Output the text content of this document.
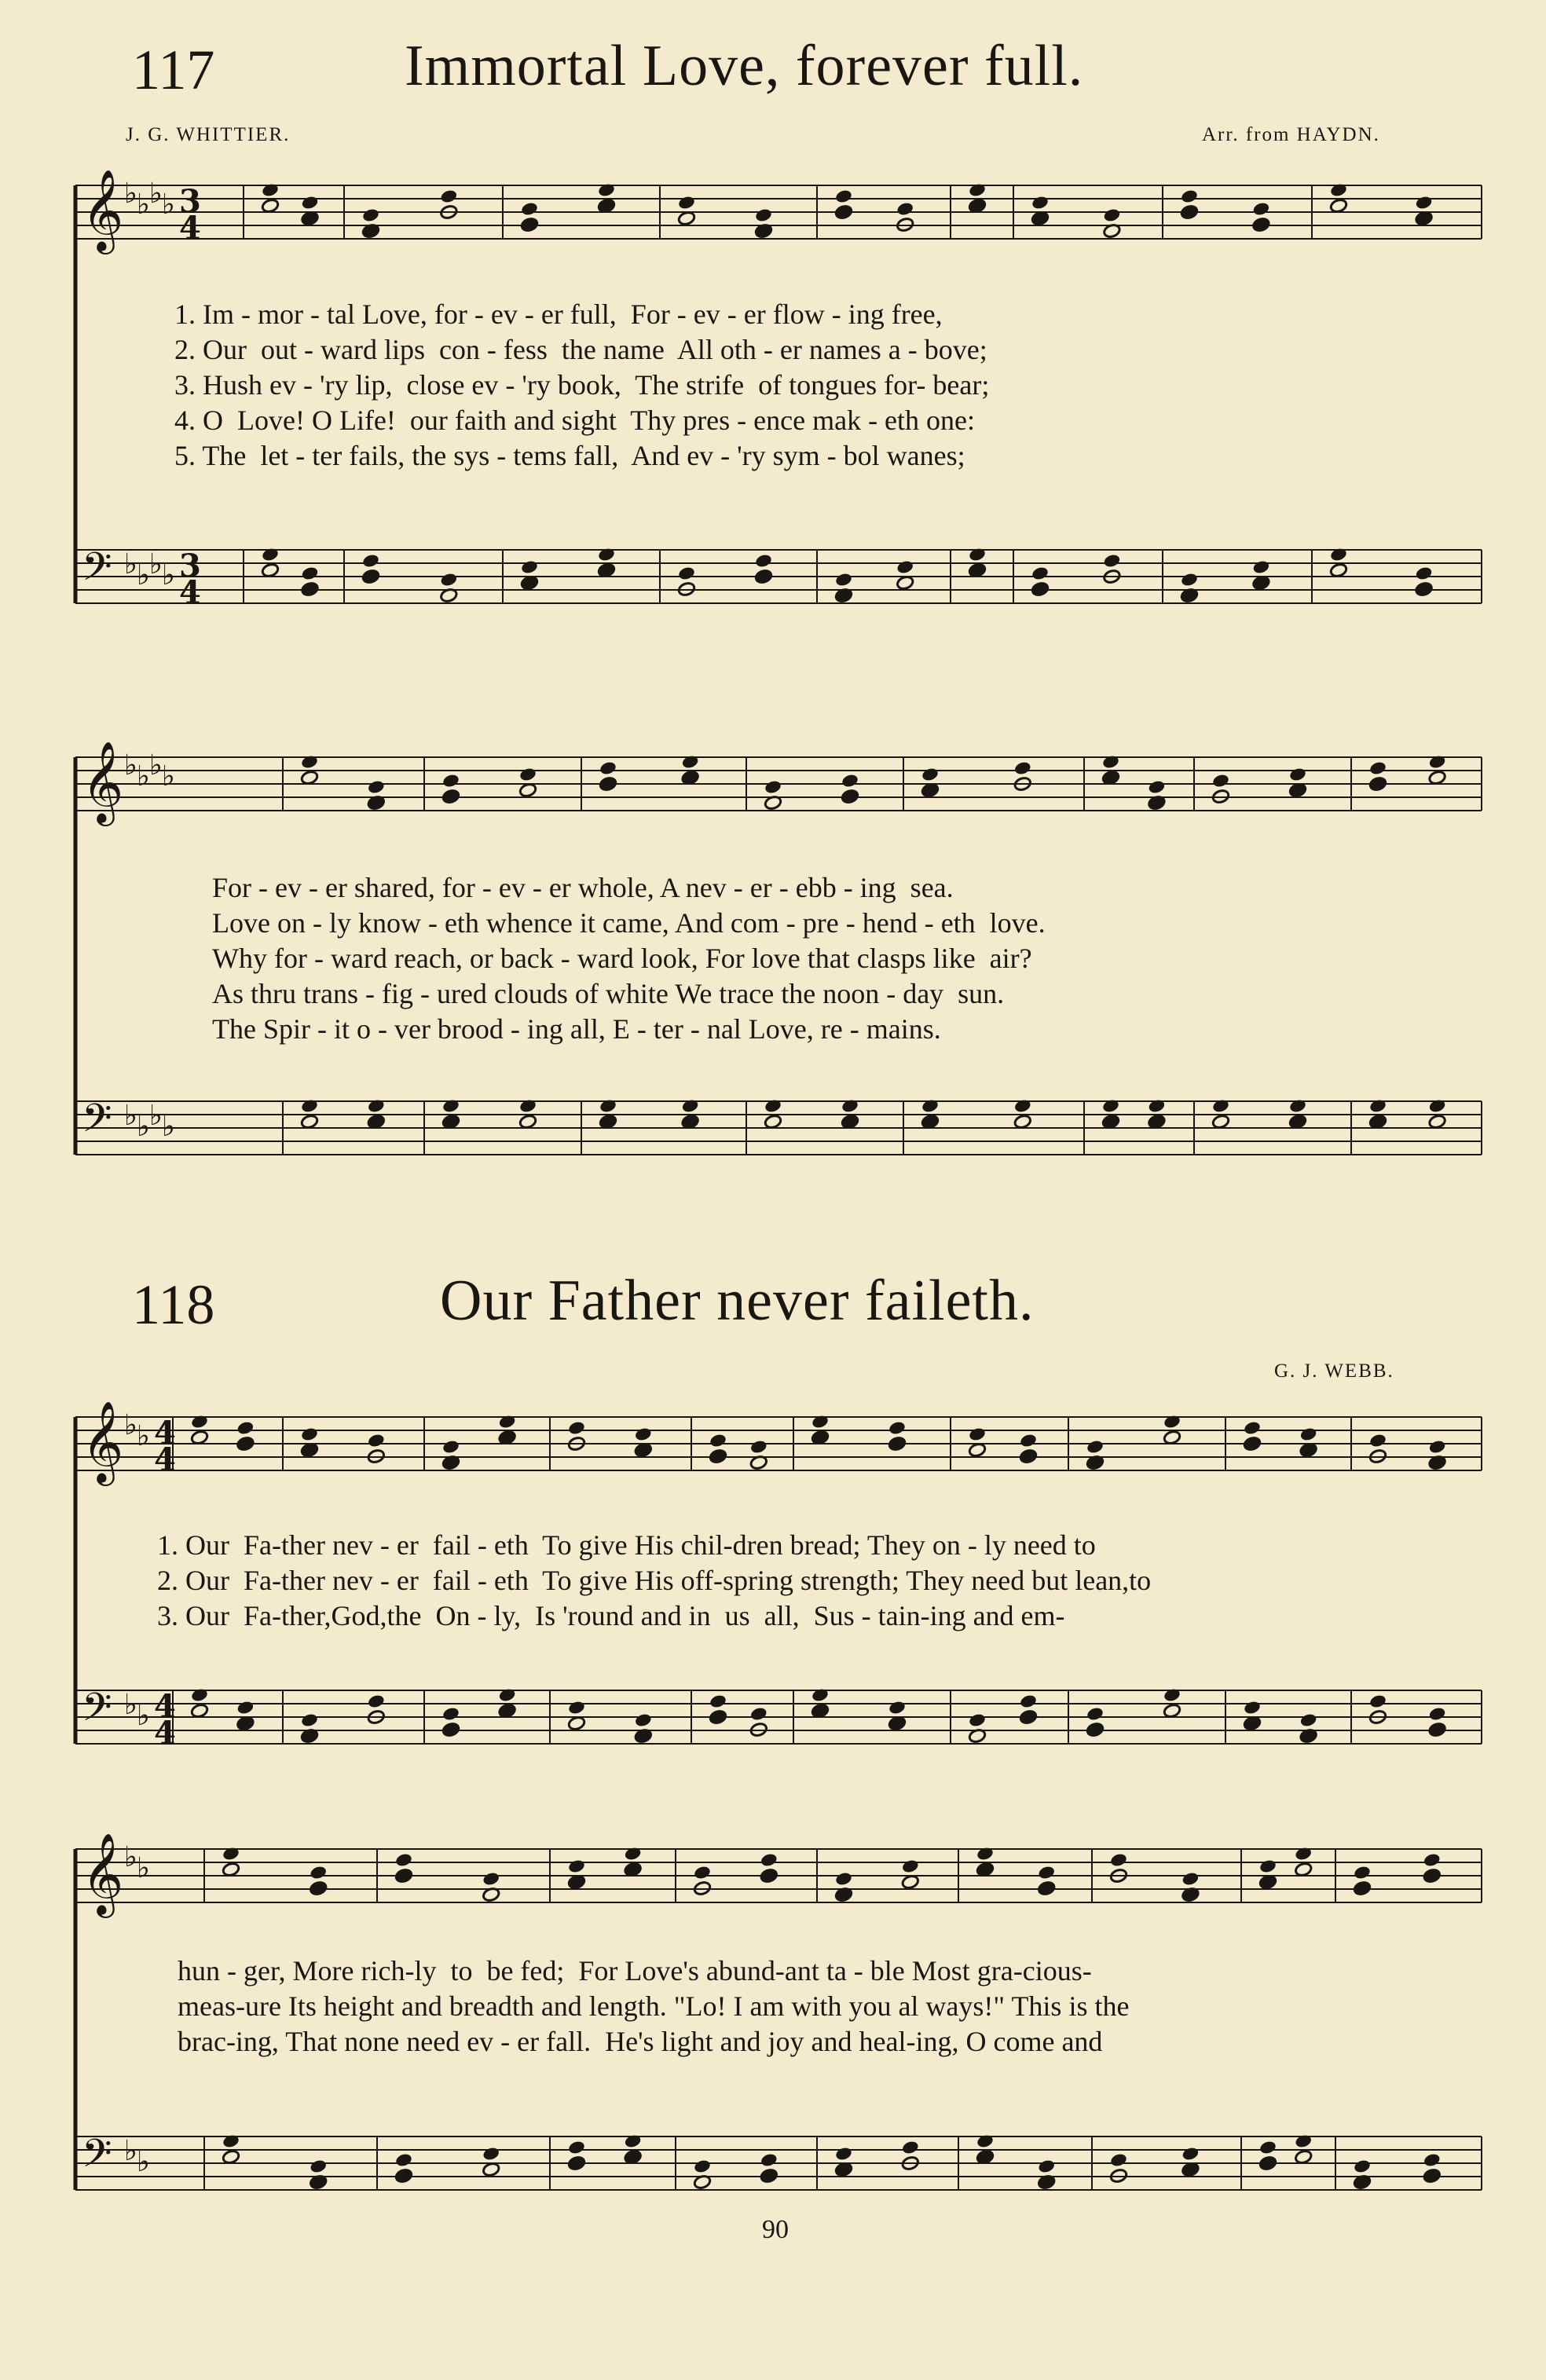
𝄞
𝄢
♭ ♭ ♭ ♭
♭ ♭ ♭ ♭
3
4
3
4
𝄞
𝄢
♭ ♭ ♭ ♭
♭ ♭ ♭ ♭
𝄞
𝄢
♭ ♭
♭ ♭
4
4
4
4
𝄞
𝄢
♭ ♭
♭ ♭
117	Immortal Love, forever full.
J. G. WHITTIER.	Arr. from HAYDN.
1. Im - mor - tal Love, for - ev - er full,  For - ev - er flow - ing free,
2. Our  out - ward lips  con - fess  the name  All oth - er names a - bove;
3. Hush ev - 'ry lip,  close ev - 'ry book,  The strife  of tongues for- bear;
4. O  Love! O Life!  our faith and sight  Thy pres - ence mak - eth one:
5. The  let - ter fails, the sys - tems fall,  And ev - 'ry sym - bol wanes;
For - ev - er shared, for - ev - er whole, A nev - er - ebb - ing  sea.
Love on - ly know - eth whence it came, And com - pre - hend - eth  love.
Why for - ward reach, or back - ward look, For love that clasps like  air?
As thru trans - fig - ured clouds of white We trace the noon - day  sun.
The Spir - it o - ver brood - ing all, E - ter - nal Love, re - mains.
118	Our Father never faileth.
G. J. WEBB.
1. Our  Fa-ther nev - er  fail - eth  To give His chil-dren bread; They on - ly need to
2. Our  Fa-ther nev - er  fail - eth  To give His off-spring strength; They need but lean,to
3. Our  Fa-ther,God,the  On - ly,  Is 'round and in  us  all,  Sus - tain-ing and em-
hun - ger, More rich-ly  to  be fed;  For Love's abund-ant ta - ble Most gra-cious-
meas-ure Its height and breadth and length. "Lo! I am with you al ways!" This is the
brac-ing, That none need ev - er fall.  He's light and joy and heal-ing, O come and
90
